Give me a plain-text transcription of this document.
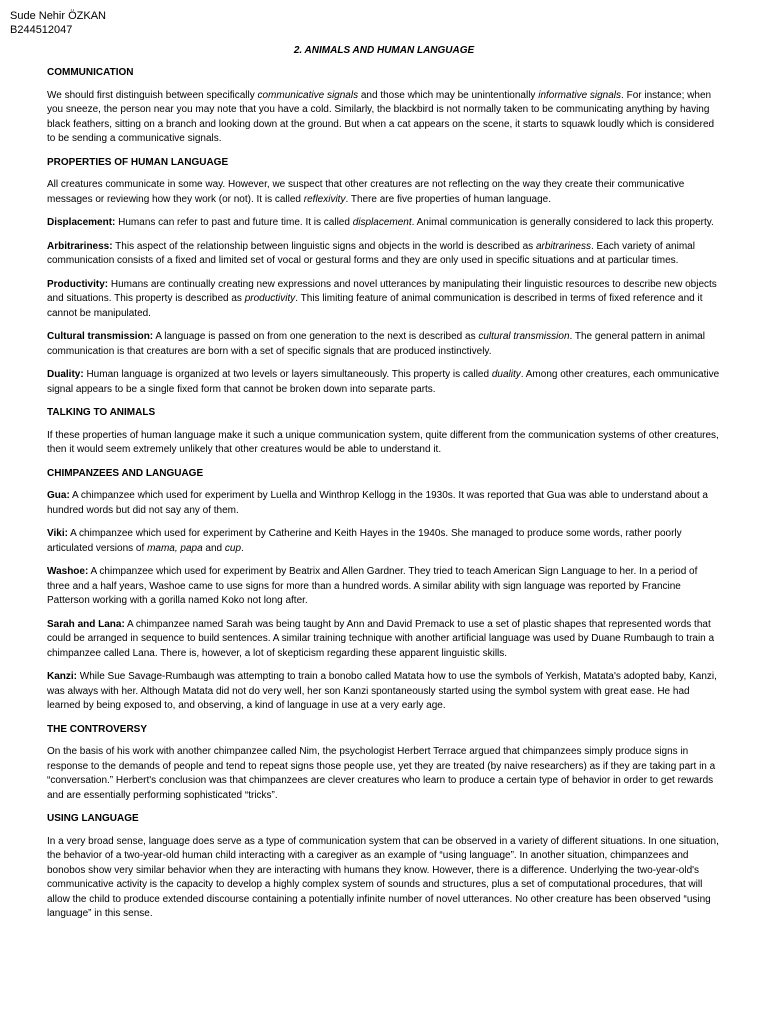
Sude Nehir ÖZKAN
B244512047
2. ANIMALS AND HUMAN LANGUAGE
COMMUNICATION

We should first distinguish between specifically communicative signals and those which may be unintentionally informative signals. For instance; when you sneeze, the person near you may note that you have a cold. Similarly, the blackbird is not normally taken to be communicating anything by having black feathers, sitting on a branch and looking down at the ground. But when a cat appears on the scene, it starts to squawk loudly which is considered to be sending a communicative signals.

PROPERTIES OF HUMAN LANGUAGE

All creatures communicate in some way. However, we suspect that other creatures are not reflecting on the way they create their communicative messages or reviewing how they work (or not). It is called reflexivity. There are five properties of human language.

Displacement: Humans can refer to past and future time. It is called displacement. Animal communication is generally considered to lack this property.

Arbitrariness: This aspect of the relationship between linguistic signs and objects in the world is described as arbitrariness. Each variety of animal communication consists of a fixed and limited set of vocal or gestural forms and they are only used in specific situations and at particular times.

Productivity: Humans are continually creating new expressions and novel utterances by manipulating their linguistic resources to describe new objects and situations. This property is described as productivity. This limiting feature of animal communication is described in terms of fixed reference and it cannot be manipulated.

Cultural transmission: A language is passed on from one generation to the next is described as cultural transmission. The general pattern in animal communication is that creatures are born with a set of specific signals that are produced instinctively.

Duality: Human language is organized at two levels or layers simultaneously. This property is called duality. Among other creatures, each ommunicative signal appears to be a single fixed form that cannot be broken down into separate parts.

TALKING TO ANIMALS

If these properties of human language make it such a unique communication system, quite different from the communication systems of other creatures, then it would seem extremely unlikely that other creatures would be able to understand it.

CHIMPANZEES AND LANGUAGE

Gua: A chimpanzee which used for experiment by Luella and Winthrop Kellogg in the 1930s. It was reported that Gua was able to understand about a hundred words but did not say any of them.

Viki: A chimpanzee which used for experiment by Catherine and Keith Hayes in the 1940s. She managed to produce some words, rather poorly articulated versions of mama, papa and cup.

Washoe: A chimpanzee which used for experiment by Beatrix and Allen Gardner. They tried to teach American Sign Language to her. In a period of three and a half years, Washoe came to use signs for more than a hundred words. A similar ability with sign language was reported by Francine Patterson working with a gorilla named Koko not long after.

Sarah and Lana: A chimpanzee named Sarah was being taught by Ann and David Premack to use a set of plastic shapes that represented words that could be arranged in sequence to build sentences. A similar training technique with another artificial language was used by Duane Rumbaugh to train a chimpanzee called Lana. There is, however, a lot of skepticism regarding these apparent linguistic skills.

Kanzi: While Sue Savage-Rumbaugh was attempting to train a bonobo called Matata how to use the symbols of Yerkish, Matata's adopted baby, Kanzi, was always with her. Although Matata did not do very well, her son Kanzi spontaneously started using the symbol system with great ease. He had learned by being exposed to, and observing, a kind of language in use at a very early age.

THE CONTROVERSY

On the basis of his work with another chimpanzee called Nim, the psychologist Herbert Terrace argued that chimpanzees simply produce signs in response to the demands of people and tend to repeat signs those people use, yet they are treated (by naive researchers) as if they are taking part in a “conversation.” Herbert's conclusion was that chimpanzees are clever creatures who learn to produce a certain type of behavior in order to get rewards and are essentially performing sophisticated “tricks”.

USING LANGUAGE

In a very broad sense, language does serve as a type of communication system that can be observed in a variety of different situations. In one situation, the behavior of a two-year-old human child interacting with a caregiver as an example of “using language”. In another situation, chimpanzees and bonobos show very similar behavior when they are interacting with humans they know. However, there is a difference. Underlying the two-year-old's communicative activity is the capacity to develop a highly complex system of sounds and structures, plus a set of computational procedures, that will allow the child to produce extended discourse containing a potentially infinite number of novel utterances. No other creature has been observed “using language” in this sense.
